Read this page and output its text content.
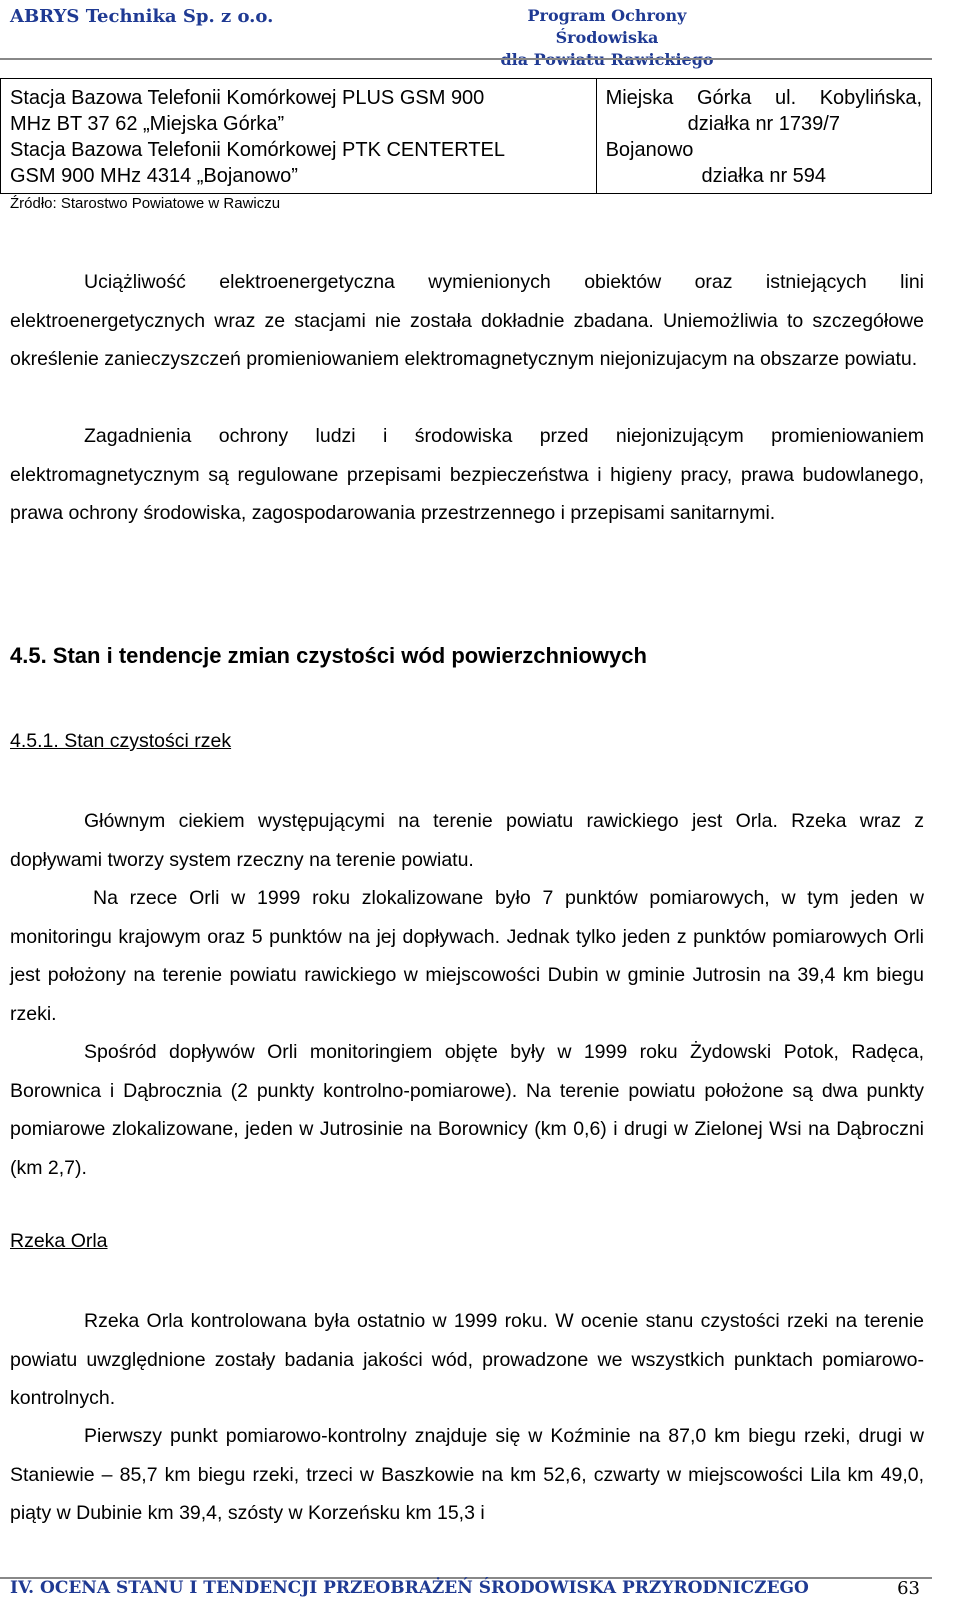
ABRYS Technika Sp. z o.o.	Program Ochrony Środowiska
dla Powiatu Rawickiego
Stacja Bazowa Telefonii Komórkowej PLUS GSM 900
MHz BT 37 62 „Miejska Górka”
Stacja Bazowa Telefonii Komórkowej PTK CENTERTEL
GSM 900 MHz 4314 „Bojanowo”

Miejska Górka ul. Kobylińska,
działka nr 1739/7
Bojanowo
działka nr 594
Źródło: Starostwo Powiatowe w Rawiczu

Uciążliwość elektroenergetyczna wymienionych obiektów oraz istniejących lini elektroenergetycznych wraz ze stacjami nie została dokładnie zbadana. Uniemożliwia to szczegółowe określenie zanieczyszczeń promieniowaniem elektromagnetycznym niejonizujacym na obszarze powiatu.

Zagadnienia ochrony ludzi i środowiska przed niejonizującym promieniowaniem elektromagnetycznym są regulowane przepisami bezpieczeństwa i higieny pracy, prawa budowlanego, prawa ochrony środowiska, zagospodarowania przestrzennego i przepisami sanitarnymi.

4.5. Stan i tendencje zmian czystości wód powierzchniowych
4.5.1. Stan czystości rzek

Głównym ciekiem występującymi na terenie powiatu rawickiego jest Orla. Rzeka wraz z dopływami tworzy system rzeczny na terenie powiatu.

Na rzece Orli w 1999 roku zlokalizowane było 7 punktów pomiarowych, w tym jeden w monitoringu krajowym oraz 5 punktów na jej dopływach. Jednak tylko jeden z punktów pomiarowych Orli jest położony na terenie powiatu rawickiego w miejscowości Dubin w gminie Jutrosin na 39,4 km biegu rzeki.

Spośród dopływów Orli monitoringiem objęte były w 1999 roku Żydowski Potok, Radęca, Borownica i Dąbrocznia (2 punkty kontrolno-pomiarowe). Na terenie powiatu położone są dwa punkty pomiarowe zlokalizowane, jeden w Jutrosinie na Borownicy (km 0,6) i drugi w Zielonej Wsi na Dąbroczni (km 2,7).

Rzeka Orla

Rzeka Orla kontrolowana była ostatnio w 1999 roku. W ocenie stanu czystości rzeki na terenie powiatu uwzględnione zostały badania jakości wód, prowadzone we wszystkich punktach pomiarowo-kontrolnych.

Pierwszy punkt pomiarowo-kontrolny znajduje się w Koźminie na 87,0 km biegu rzeki, drugi w Staniewie – 85,7 km biegu rzeki, trzeci w Baszkowie na km 52,6, czwarty w miejscowości Lila km 49,0, piąty w Dubinie km 39,4, szósty w Korzeńsku km 15,3 i

IV. OCENA STANU I TENDENCJI PRZEOBRAŻEŃ ŚRODOWISKA PRZYRODNICZEGO	63
